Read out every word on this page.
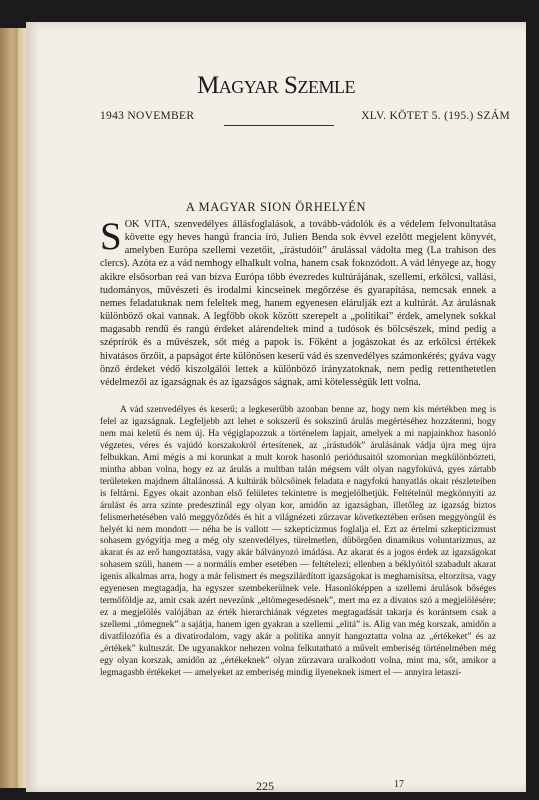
Magyar Szemle
1943 NOVEMBER	XLV. KÖTET 5. (195.) SZÁM
A MAGYAR SION ÖRHELYÉN

SOK VITA, szenvedélyes állásfoglalások, a tovább-vádolók és a védelem felvonultatása követte egy heves hangú francia író, Julien Benda sok évvel ezelőtt megjelent könyvét, amelyben Európa szellemi vezetőit, „írástudóit” árulással vádolta meg (La trahison des clercs). Azóta ez a vád nemhogy elhalkult volna, hanem csak fokozódott. A vád lényege az, hogy akikre elsősorban reá van bízva Európa több évezredes kultúrájának, szellemi, erkölcsi, vallási, tudományos, művészeti és irodalmi kincseinek megőrzése és gyarapítása, nemcsak ennek a nemes feladatuknak nem feleltek meg, hanem egyenesen elárulják ezt a kultúrát. Az árulásnak különböző okai vannak. A legfőbb okok között szerepelt a „politikai” érdek, amelynek sokkal magasabb rendű és rangú érdeket alárendeltek mind a tudósok és bölcsészek, mind pedig a széprírók és a művészek, sőt még a papok is. Főként a jogászokat és az erkölcsi értékek hivatásos őrzőit, a papságot érte különösen keserű vád és szenvedélyes számonkérés; gyáva vagy önző érdeket védő kiszolgálói lettek a különböző irányzatoknak, nem pedig rettenthetetlen védelmezői az igazságnak és az igazságos ságnak, ami kötelességük lett volna.

A vád szenvedélyes és keserű; a legkeserűbb azonban benne az, hogy nem kis mértékben meg is felel az igazságnak. Legfeljebb azt lehet e sokszerű és sokszínű árulás megértéséhez hozzátenni, hogy nem mai keletű és nem új. Ha végiglapozzuk a történelem lapjait, amelyek a mi napjainkhoz hasonló végzetes, véres és vajúdó korszakokról értesítenek, az „írástudók” árulásának vádja újra meg újra felbukkan. Ami mégis a mi korunkat a mult korok hasonló periódusaitól szomorúan megkülönbözteti, mintha abban volna, hogy ez az árulás a multban talán mégsem vált olyan nagyfokúvá, gyes zártabb területeken majdnem általánossá. A kultúrák bölcsőinek feladata e nagyfokú hanyatlás okait részleteiben is feltárni. Egyes okait azonban első felületes tekintetre is megjelölhetjük. Feltételnül megkönnyíti az árulást és arra szinte predesztinál egy olyan kor, amidőn az igazságban, illetőleg az igazság biztos felismerhetésében való meggyőződés és hit a világnézeti zűrzavar következtében erősen meggyöngül és helyét ki nem mondott — néha be is vallott — szkepticizmus foglalja el. Ezt az értelmi szkepticizmust sohasem gyógyítja meg a még oly szenvedélyes, türelmetlen, dübörgően dinamikus voluntarizmus, az akarat és az erő hangoztatása, vagy akár bálványozó imádása. Az akarat és a jogos érdek az igazságokat sohasem szüli, hanem — a normális ember esetében — feltételezi; ellenben a béklyóitól szabadult akarat igenis alkalmas arra, hogy a már felismert és megszilárdított igazságokat is meghamisítsa, eltorzítsa, vagy egyenesen megtagadja, ha egyszer szembekerülnek vele. Hasonlóképpen a szellemi árulások bőséges termőföldje az, amit csak azért nevezünk „eltömegesedésnek”, mert ma ez a divatos szó a megjelölésére; ez a megjelölés valójában az érték hierarchiának végzetes megtagadását takarja és korántsem csak a szellemi „tömegnek” a sajátja, hanem igen gyakran a szellemi „elitá” is. Alig van még korszak, amidőn a divatfilozófia és a divatirodalom, vagy akár a politika annyit hangoztatta volna az „értékeket” és az „értékek” kultuszát. De ugyanakkor nehezen volna felkutatható a művelt emberiség történelmében még egy olyan korszak, amidőn az „értékeknek” olyan zűrzavara uralkodott volna, mint ma, sőt, amikor a legmagasbb értékeket — amelyeket az emberiség mindig ilyeneknek ismert el — annyira letaszí-

225	17
